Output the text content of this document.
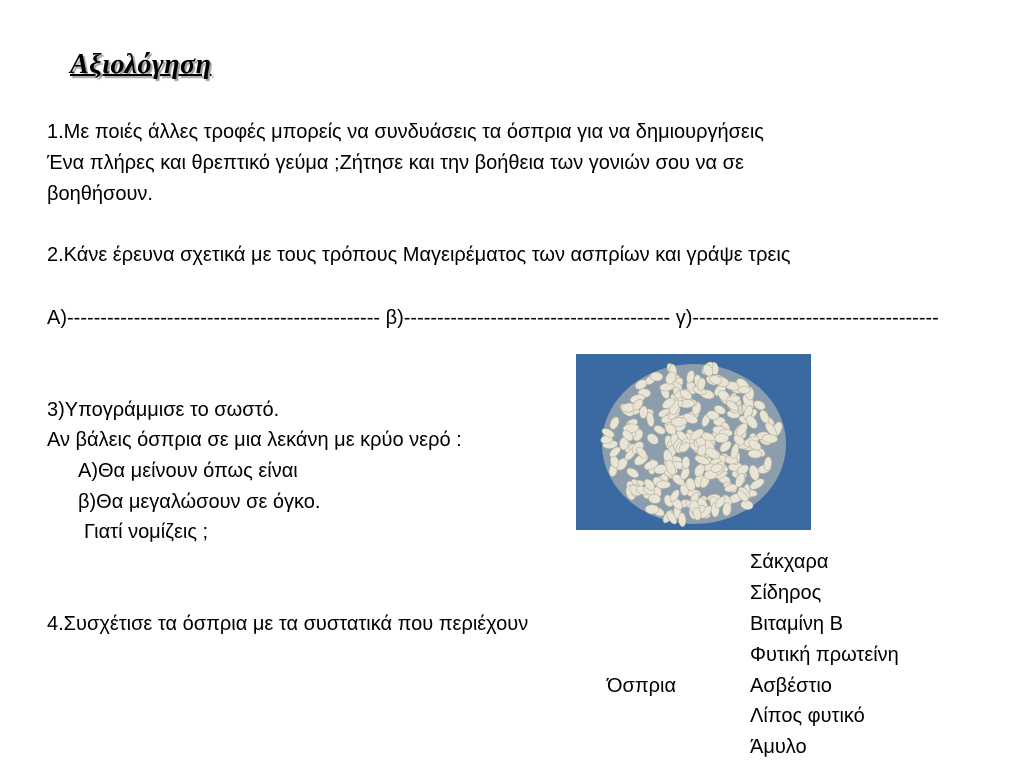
Αξιολόγηση
1.Με ποιές άλλες τροφές μπορείς να συνδυάσεις τα όσπρια για να δημιουργήσεις
Ένα πλήρες και θρεπτικό γεύμα ;Ζήτησε και την βοήθεια των γονιών σου να σε
βοηθήσουν.
2.Κάνε έρευνα σχετικά με τους τρόπους Μαγειρέματος των ασπρίων και γράψε τρεις
Α)----------------------------------------------- β)---------------------------------------- γ)-------------------------------------
3)Υπογράμμισε το σωστό.
Αν βάλεις όσπρια σε μια λεκάνη με κρύο νερό :
Α)Θα μείνουν όπως είναι
β)Θα μεγαλώσουν σε όγκο.
Γιατί νομίζεις ;
4.Συσχέτισε τα όσπρια με τα συστατικά που περιέχουν
Όσπρια
Σάκχαρα
Σίδηρος
Βιταμίνη Β
Φυτική πρωτείνη
Ασβέστιο
Λίπος φυτικό
Άμυλο
